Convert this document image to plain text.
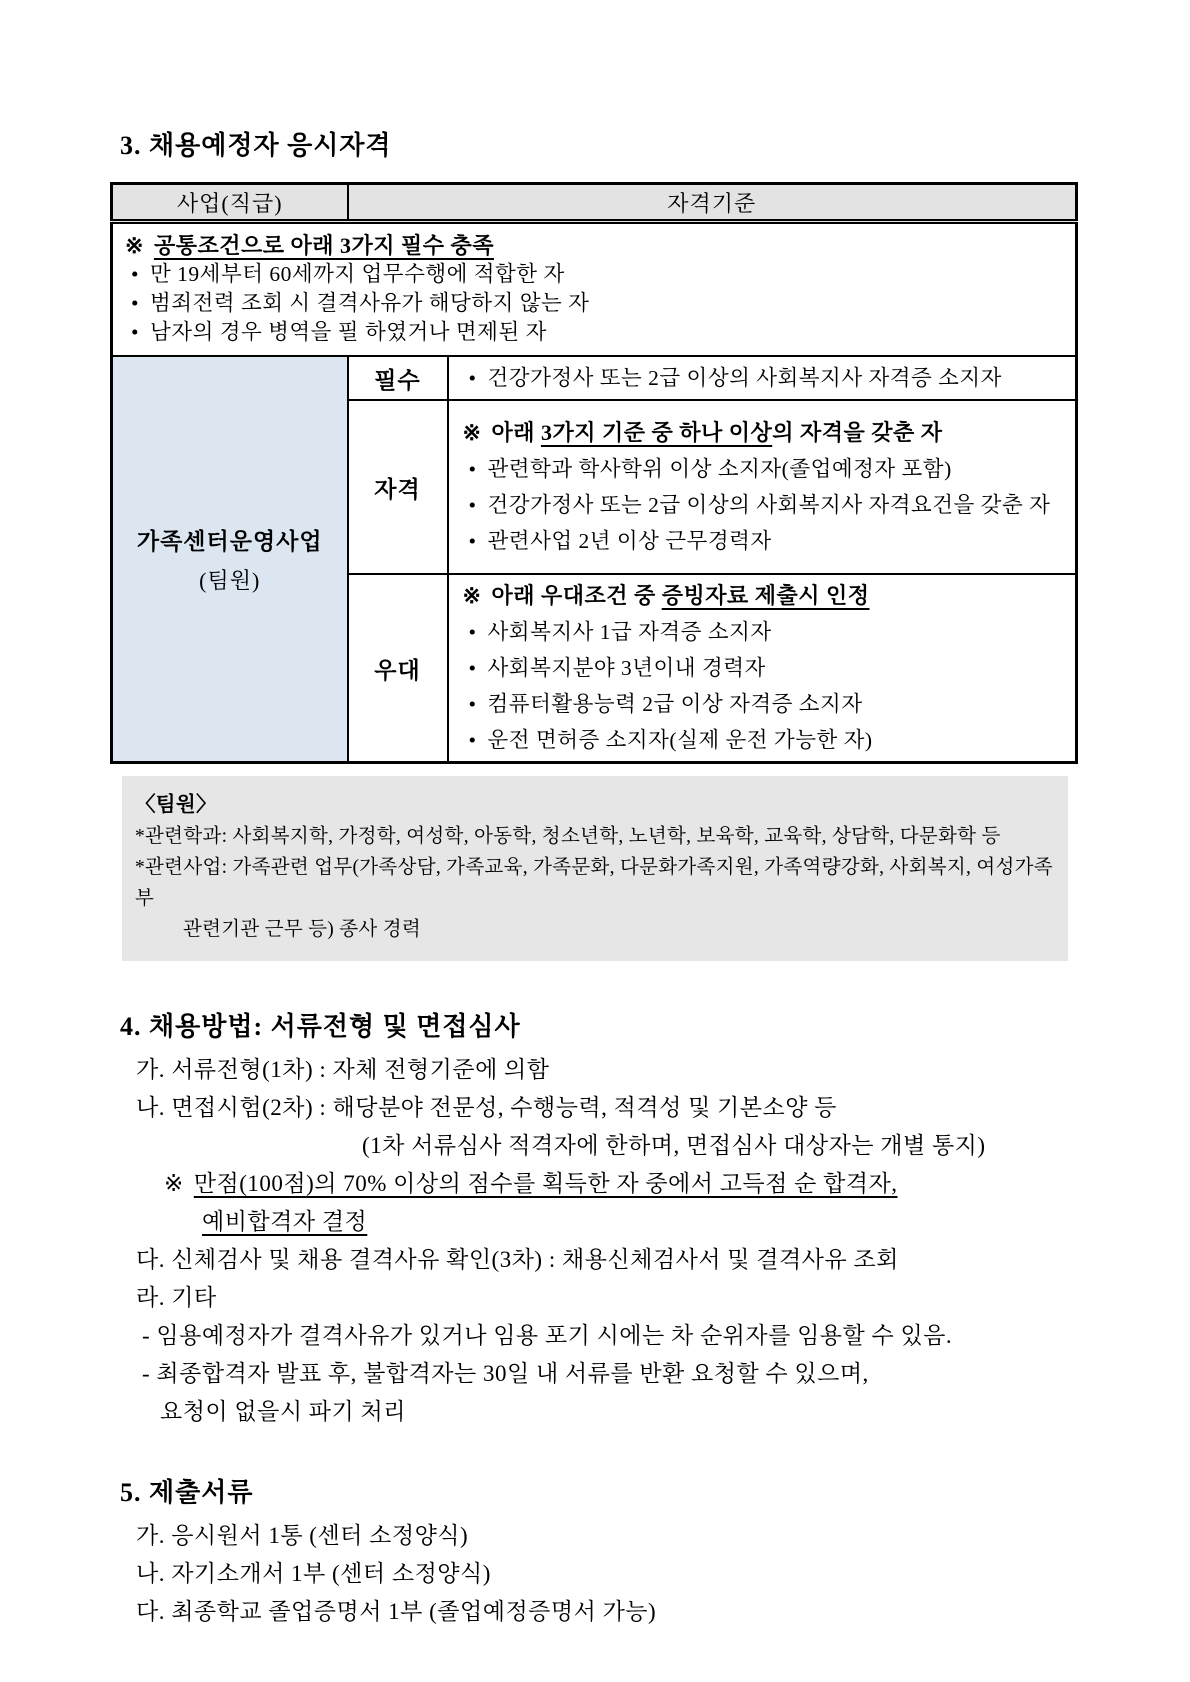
3. 채용예정자 응시자격
사업(직급)	자격기준	

※ 공통조건으로 아래 3가지 필수 충족
• 만 19세부터 60세까지 업무수행에 적합한 자
• 범죄전력 조회 시 결격사유가 해당하지 않는 자
• 남자의 경우 병역을 필 하였거나 면제된 자

가족센터운영사업
(팀원)	필수	• 건강가정사 또는 2급 이상의 사회복지사 자격증 소지자

	자격	※ 아래 3가지 기준 중 하나 이상의 자격을 갖춘 자
• 관련학과 학사학위 이상 소지자(졸업예정자 포함)
• 건강가정사 또는 2급 이상의 사회복지사 자격요건을 갖춘 자
• 관련사업 2년 이상 근무경력자

	우대	※ 아래 우대조건 중 증빙자료 제출시 인정
• 사회복지사 1급 자격증 소지자
• 사회복지분야 3년이내 경력자
• 컴퓨터활용능력 2급 이상 자격증 소지자
• 운전 면허증 소지자(실제 운전 가능한 자)
〈팀원〉
*관련학과: 사회복지학, 가정학, 여성학, 아동학, 청소년학, 노년학, 보육학, 교육학, 상담학, 다문화학 등
*관련사업: 가족관련 업무(가족상담, 가족교육, 가족문화, 다문화가족지원, 가족역량강화, 사회복지, 여성가족부
관련기관 근무 등) 종사 경력
4. 채용방법: 서류전형 및 면접심사
가. 서류전형(1차) : 자체 전형기준에 의함
나. 면접시험(2차) : 해당분야 전문성, 수행능력, 적격성 및 기본소양 등
(1차 서류심사 적격자에 한하며, 면접심사 대상자는 개별 통지)
※ 만점(100점)의 70% 이상의 점수를 획득한 자 중에서 고득점 순 합격자,
예비합격자 결정
다. 신체검사 및 채용 결격사유 확인(3차) : 채용신체검사서 및 결격사유 조회
라. 기타
- 임용예정자가 결격사유가 있거나 임용 포기 시에는 차 순위자를 임용할 수 있음.
- 최종합격자 발표 후, 불합격자는 30일 내 서류를 반환 요청할 수 있으며,
요청이 없을시 파기 처리
5. 제출서류
가. 응시원서 1통 (센터 소정양식)
나. 자기소개서 1부 (센터 소정양식)
다. 최종학교 졸업증명서 1부 (졸업예정증명서 가능)
